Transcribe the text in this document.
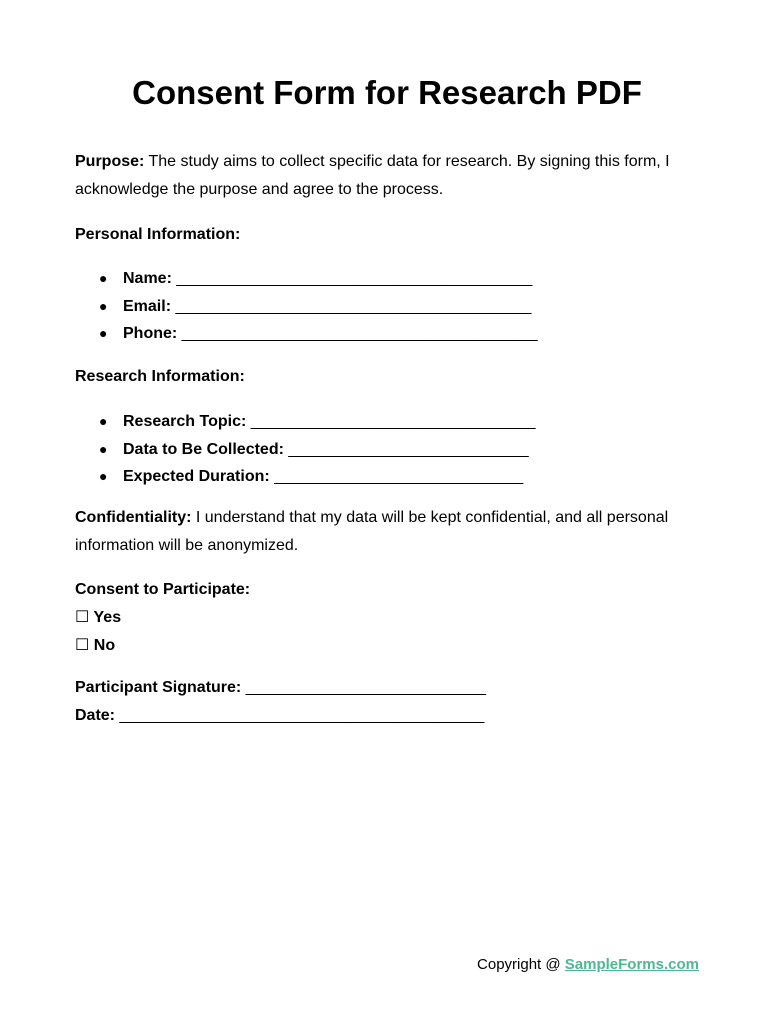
Consent Form for Research PDF
Purpose: The study aims to collect specific data for research. By signing this form, I acknowledge the purpose and agree to the process.
Personal Information:
● Name: ________________________________________
● Email: ________________________________________
● Phone: ________________________________________
Research Information:
● Research Topic: ________________________________
● Data to Be Collected: ___________________________
● Expected Duration: ____________________________
Confidentiality: I understand that my data will be kept confidential, and all personal information will be anonymized.
Consent to Participate:
☐ Yes
☐ No
Participant Signature: ___________________________
Date: _________________________________________
Copyright @ SampleForms.com
